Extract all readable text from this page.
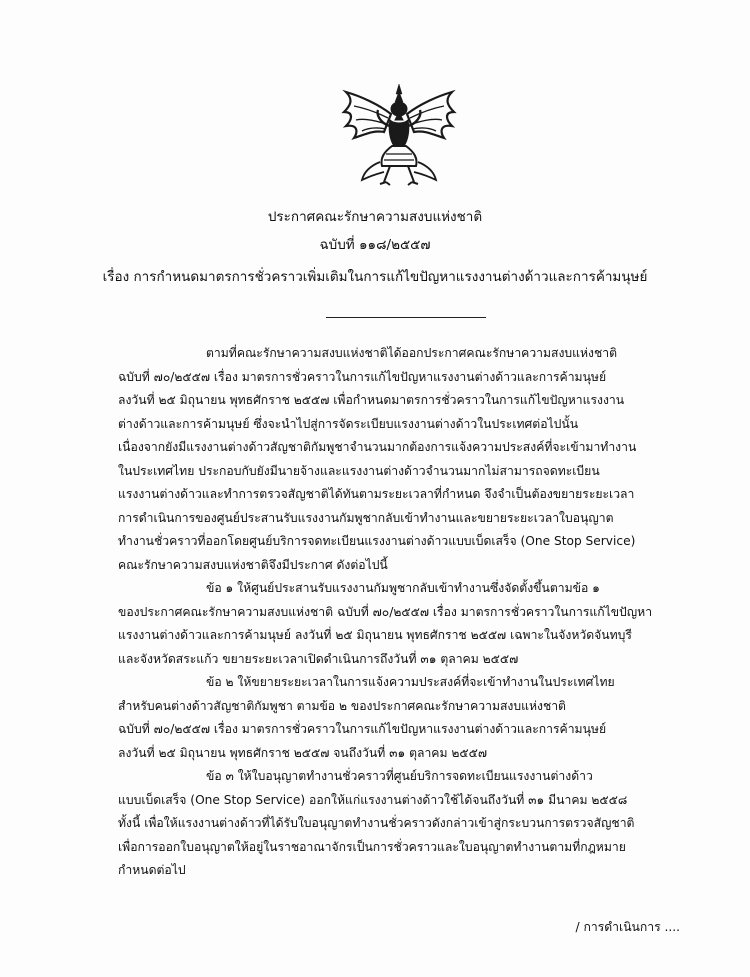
ประกาศคณะรักษาความสงบแห่งชาติ
ฉบับที่ ๑๑๘/๒๕๕๗
เรื่อง การกำหนดมาตรการชั่วคราวเพิ่มเติมในการแก้ไขปัญหาแรงงานต่างด้าวและการค้ามนุษย์
ตามที่คณะรักษาความสงบแห่งชาติได้ออกประกาศคณะรักษาความสงบแห่งชาติ
ฉบับที่ ๗๐/๒๕๕๗ เรื่อง มาตรการชั่วคราวในการแก้ไขปัญหาแรงงานต่างด้าวและการค้ามนุษย์
ลงวันที่ ๒๕ มิถุนายน พุทธศักราช ๒๕๕๗ เพื่อกำหนดมาตรการชั่วคราวในการแก้ไขปัญหาแรงงาน
ต่างด้าวและการค้ามนุษย์ ซึ่งจะนำไปสู่การจัดระเบียบแรงงานต่างด้าวในประเทศต่อไปนั้น
เนื่องจากยังมีแรงงานต่างด้าวสัญชาติกัมพูชาจำนวนมากต้องการแจ้งความประสงค์ที่จะเข้ามาทำงาน
ในประเทศไทย ประกอบกับยังมีนายจ้างและแรงงานต่างด้าวจำนวนมากไม่สามารถจดทะเบียน
แรงงานต่างด้าวและทำการตรวจสัญชาติได้ทันตามระยะเวลาที่กำหนด จึงจำเป็นต้องขยายระยะเวลา
การดำเนินการของศูนย์ประสานรับแรงงานกัมพูชากลับเข้าทำงานและขยายระยะเวลาใบอนุญาต
ทำงานชั่วคราวที่ออกโดยศูนย์บริการจดทะเบียนแรงงานต่างด้าวแบบเบ็ดเสร็จ (One Stop Service)
คณะรักษาความสงบแห่งชาติจึงมีประกาศ ดังต่อไปนี้
ข้อ ๑ ให้ศูนย์ประสานรับแรงงานกัมพูชากลับเข้าทำงานซึ่งจัดตั้งขึ้นตามข้อ ๑
ของประกาศคณะรักษาความสงบแห่งชาติ ฉบับที่ ๗๐/๒๕๕๗ เรื่อง มาตรการชั่วคราวในการแก้ไขปัญหา
แรงงานต่างด้าวและการค้ามนุษย์ ลงวันที่ ๒๕ มิถุนายน พุทธศักราช ๒๕๕๗ เฉพาะในจังหวัดจันทบุรี
และจังหวัดสระแก้ว ขยายระยะเวลาเปิดดำเนินการถึงวันที่ ๓๑ ตุลาคม ๒๕๕๗
ข้อ ๒ ให้ขยายระยะเวลาในการแจ้งความประสงค์ที่จะเข้าทำงานในประเทศไทย
สำหรับคนต่างด้าวสัญชาติกัมพูชา ตามข้อ ๒ ของประกาศคณะรักษาความสงบแห่งชาติ
ฉบับที่ ๗๐/๒๕๕๗ เรื่อง มาตรการชั่วคราวในการแก้ไขปัญหาแรงงานต่างด้าวและการค้ามนุษย์
ลงวันที่ ๒๕ มิถุนายน พุทธศักราช ๒๕๕๗ จนถึงวันที่ ๓๑ ตุลาคม ๒๕๕๗
ข้อ ๓ ให้ใบอนุญาตทำงานชั่วคราวที่ศูนย์บริการจดทะเบียนแรงงานต่างด้าว
แบบเบ็ดเสร็จ (One Stop Service) ออกให้แก่แรงงานต่างด้าวใช้ได้จนถึงวันที่ ๓๑ มีนาคม ๒๕๕๘
ทั้งนี้ เพื่อให้แรงงานต่างด้าวที่ได้รับใบอนุญาตทำงานชั่วคราวดังกล่าวเข้าสู่กระบวนการตรวจสัญชาติ
เพื่อการออกใบอนุญาตให้อยู่ในราชอาณาจักรเป็นการชั่วคราวและใบอนุญาตทำงานตามที่กฎหมาย
กำหนดต่อไป
/ การดำเนินการ ....
